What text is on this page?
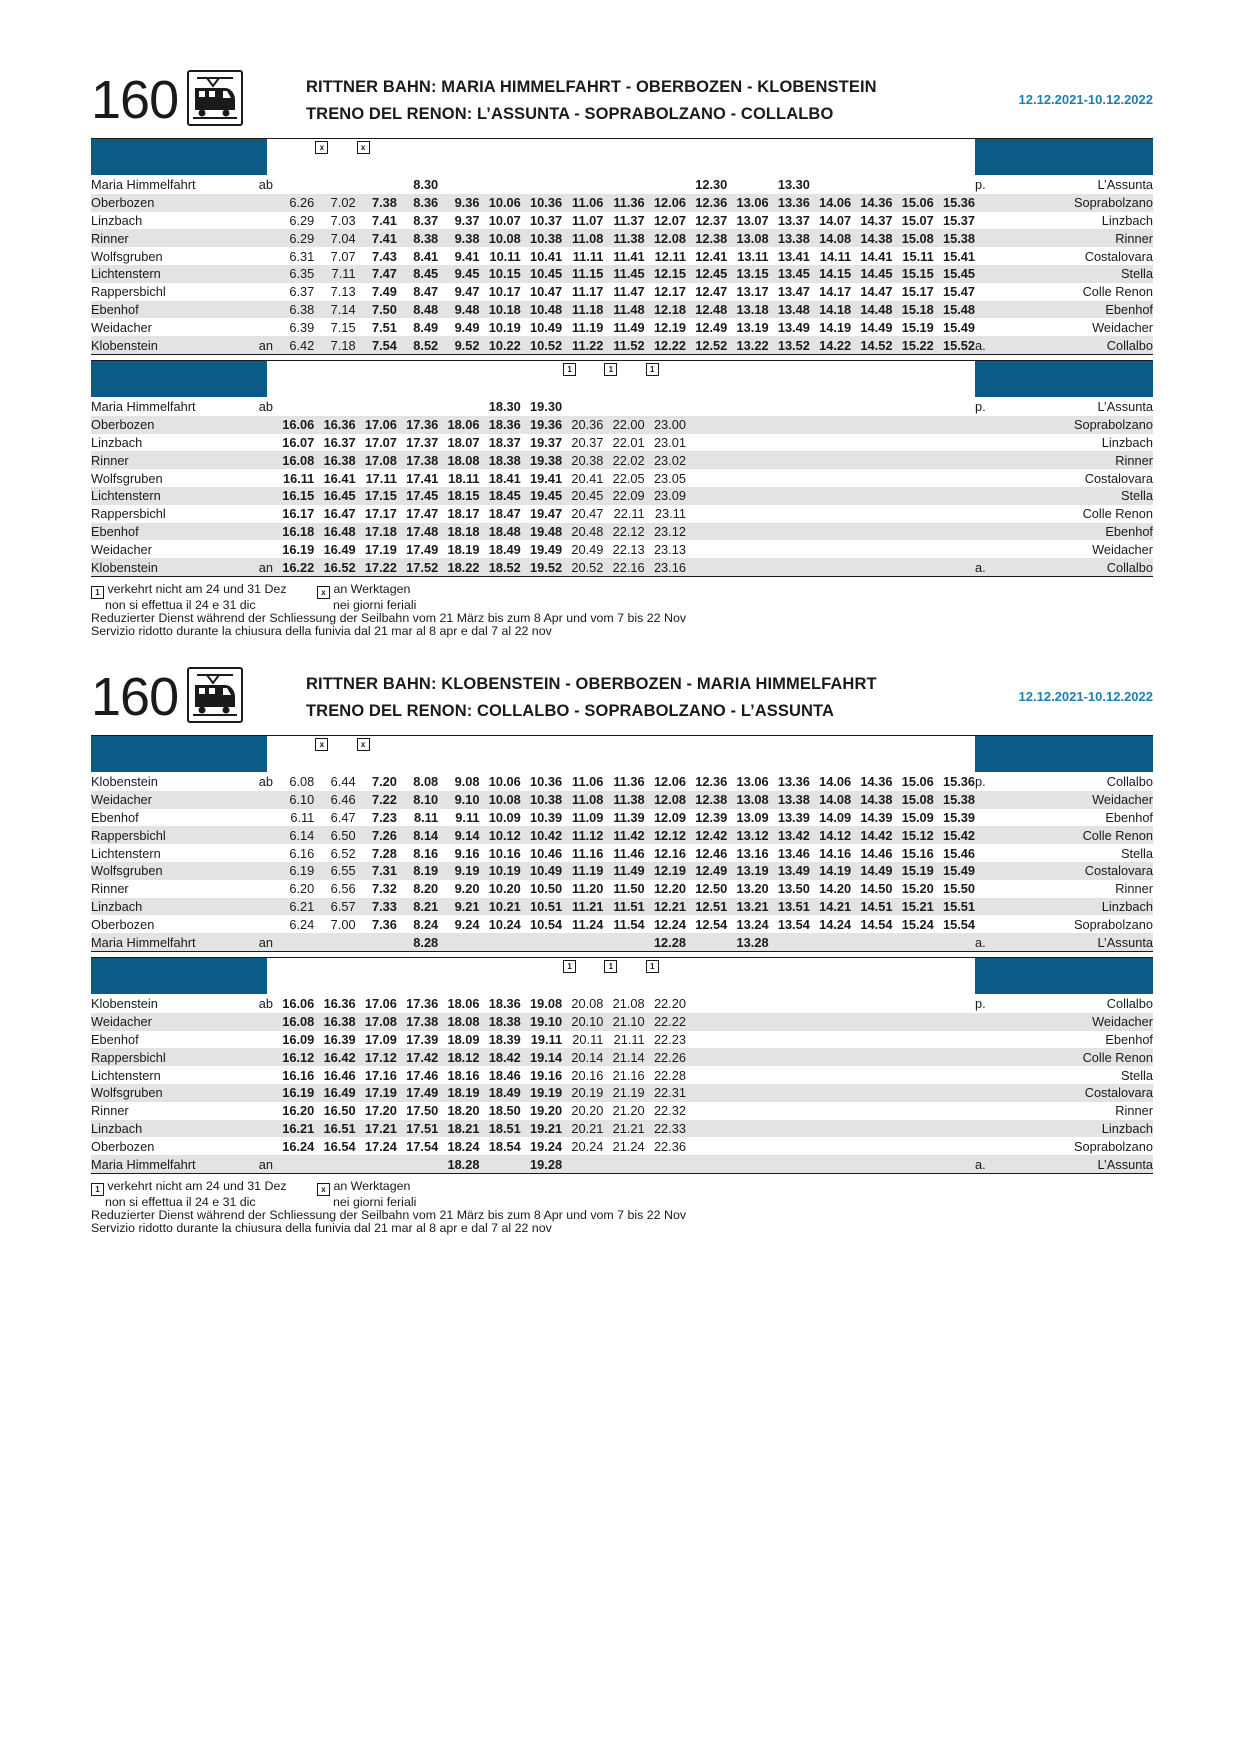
160	RITTNER BAHN: MARIA HIMMELFAHRT - OBERBOZEN - KLOBENSTEIN
TRENO DEL RENON: L’ASSUNTA - SOPRABOLZANO - COLLALBO
12.12.2021-10.12.2022
x	x
Maria Himmelfahrt	ab				8.30							12.30		13.30					p.	L’Assunta
Oberbozen		6.26	7.02	7.38	8.36	9.36	10.06	10.36	11.06	11.36	12.06	12.36	13.06	13.36	14.06	14.36	15.06	15.36		Soprabolzano
Linzbach		6.29	7.03	7.41	8.37	9.37	10.07	10.37	11.07	11.37	12.07	12.37	13.07	13.37	14.07	14.37	15.07	15.37		Linzbach
Rinner		6.29	7.04	7.41	8.38	9.38	10.08	10.38	11.08	11.38	12.08	12.38	13.08	13.38	14.08	14.38	15.08	15.38		Rinner
Wolfsgruben		6.31	7.07	7.43	8.41	9.41	10.11	10.41	11.11	11.41	12.11	12.41	13.11	13.41	14.11	14.41	15.11	15.41		Costalovara
Lichtenstern		6.35	7.11	7.47	8.45	9.45	10.15	10.45	11.15	11.45	12.15	12.45	13.15	13.45	14.15	14.45	15.15	15.45		Stella
Rappersbichl		6.37	7.13	7.49	8.47	9.47	10.17	10.47	11.17	11.47	12.17	12.47	13.17	13.47	14.17	14.47	15.17	15.47		Colle Renon
Ebenhof		6.38	7.14	7.50	8.48	9.48	10.18	10.48	11.18	11.48	12.18	12.48	13.18	13.48	14.18	14.48	15.18	15.48		Ebenhof
Weidacher		6.39	7.15	7.51	8.49	9.49	10.19	10.49	11.19	11.49	12.19	12.49	13.19	13.49	14.19	14.49	15.19	15.49		Weidacher
Klobenstein	an	6.42	7.18	7.54	8.52	9.52	10.22	10.52	11.22	11.52	12.22	12.52	13.22	13.52	14.22	14.52	15.22	15.52	a.	Collalbo
1	1	1
Maria Himmelfahrt	ab						18.30	19.30											p.	L’Assunta
Oberbozen		16.06	16.36	17.06	17.36	18.06	18.36	19.36	20.36	22.00	23.00									Soprabolzano
Linzbach		16.07	16.37	17.07	17.37	18.07	18.37	19.37	20.37	22.01	23.01									Linzbach
Rinner		16.08	16.38	17.08	17.38	18.08	18.38	19.38	20.38	22.02	23.02									Rinner
Wolfsgruben		16.11	16.41	17.11	17.41	18.11	18.41	19.41	20.41	22.05	23.05									Costalovara
Lichtenstern		16.15	16.45	17.15	17.45	18.15	18.45	19.45	20.45	22.09	23.09									Stella
Rappersbichl		16.17	16.47	17.17	17.47	18.17	18.47	19.47	20.47	22.11	23.11									Colle Renon
Ebenhof		16.18	16.48	17.18	17.48	18.18	18.48	19.48	20.48	22.12	23.12									Ebenhof
Weidacher		16.19	16.49	17.19	17.49	18.19	18.49	19.49	20.49	22.13	23.13									Weidacher
Klobenstein	an	16.22	16.52	17.22	17.52	18.22	18.52	19.52	20.52	22.16	23.16								a.	Collalbo
1 verkehrt nicht am 24 und 31 Dez	x an Werktagen
non si effettua il 24 e 31 dic	nei giorni feriali
Reduzierter Dienst während der Schliessung der Seilbahn vom 21 März bis zum 8 Apr und vom 7 bis 22 Nov
Servizio ridotto durante la chiusura della funivia dal 21 mar al 8 apr e dal 7 al 22 nov
160	RITTNER BAHN: KLOBENSTEIN - OBERBOZEN - MARIA HIMMELFAHRT
TRENO DEL RENON: COLLALBO - SOPRABOLZANO - L’ASSUNTA
12.12.2021-10.12.2022
x	x
Klobenstein	ab	6.08	6.44	7.20	8.08	9.08	10.06	10.36	11.06	11.36	12.06	12.36	13.06	13.36	14.06	14.36	15.06	15.36	p.	Collalbo
Weidacher		6.10	6.46	7.22	8.10	9.10	10.08	10.38	11.08	11.38	12.08	12.38	13.08	13.38	14.08	14.38	15.08	15.38		Weidacher
Ebenhof		6.11	6.47	7.23	8.11	9.11	10.09	10.39	11.09	11.39	12.09	12.39	13.09	13.39	14.09	14.39	15.09	15.39		Ebenhof
Rappersbichl		6.14	6.50	7.26	8.14	9.14	10.12	10.42	11.12	11.42	12.12	12.42	13.12	13.42	14.12	14.42	15.12	15.42		Colle Renon
Lichtenstern		6.16	6.52	7.28	8.16	9.16	10.16	10.46	11.16	11.46	12.16	12.46	13.16	13.46	14.16	14.46	15.16	15.46		Stella
Wolfsgruben		6.19	6.55	7.31	8.19	9.19	10.19	10.49	11.19	11.49	12.19	12.49	13.19	13.49	14.19	14.49	15.19	15.49		Costalovara
Rinner		6.20	6.56	7.32	8.20	9.20	10.20	10.50	11.20	11.50	12.20	12.50	13.20	13.50	14.20	14.50	15.20	15.50		Rinner
Linzbach		6.21	6.57	7.33	8.21	9.21	10.21	10.51	11.21	11.51	12.21	12.51	13.21	13.51	14.21	14.51	15.21	15.51		Linzbach
Oberbozen		6.24	7.00	7.36	8.24	9.24	10.24	10.54	11.24	11.54	12.24	12.54	13.24	13.54	14.24	14.54	15.24	15.54		Soprabolzano
Maria Himmelfahrt	an				8.28						12.28		13.28						a.	L’Assunta
1	1	1
Klobenstein	ab	16.06	16.36	17.06	17.36	18.06	18.36	19.08	20.08	21.08	22.20								p.	Collalbo
Weidacher		16.08	16.38	17.08	17.38	18.08	18.38	19.10	20.10	21.10	22.22									Weidacher
Ebenhof		16.09	16.39	17.09	17.39	18.09	18.39	19.11	20.11	21.11	22.23									Ebenhof
Rappersbichl		16.12	16.42	17.12	17.42	18.12	18.42	19.14	20.14	21.14	22.26									Colle Renon
Lichtenstern		16.16	16.46	17.16	17.46	18.16	18.46	19.16	20.16	21.16	22.28									Stella
Wolfsgruben		16.19	16.49	17.19	17.49	18.19	18.49	19.19	20.19	21.19	22.31									Costalovara
Rinner		16.20	16.50	17.20	17.50	18.20	18.50	19.20	20.20	21.20	22.32									Rinner
Linzbach		16.21	16.51	17.21	17.51	18.21	18.51	19.21	20.21	21.21	22.33									Linzbach
Oberbozen		16.24	16.54	17.24	17.54	18.24	18.54	19.24	20.24	21.24	22.36									Soprabolzano
Maria Himmelfahrt	an					18.28		19.28											a.	L’Assunta
1 verkehrt nicht am 24 und 31 Dez	x an Werktagen
non si effettua il 24 e 31 dic	nei giorni feriali
Reduzierter Dienst während der Schliessung der Seilbahn vom 21 März bis zum 8 Apr und vom 7 bis 22 Nov
Servizio ridotto durante la chiusura della funivia dal 21 mar al 8 apr e dal 7 al 22 nov
